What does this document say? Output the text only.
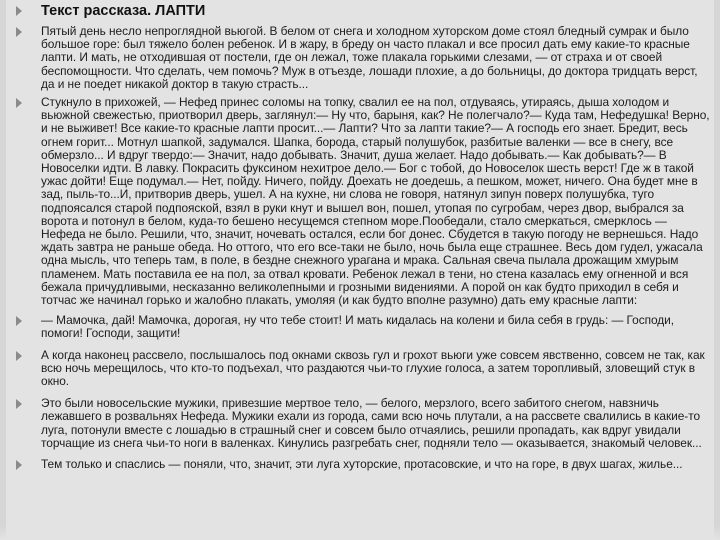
Текст рассказа. ЛАПТИ
Пятый день несло непроглядной вьюгой. В белом от снега и холодном хуторском доме стоял бледный сумрак и было большое горе: был тяжело болен ребенок. И в жару, в бреду он часто плакал и все просил дать ему какие-то красные лапти. И мать, не отходившая от постели, где он лежал, тоже плакала горькими слезами, — от страха и от своей беспомощности. Что сделать, чем помочь? Муж в отъезде, лошади плохие, а до больницы, до доктора тридцать верст, да и не поедет никакой доктор в такую страсть...
Стукнуло в прихожей, — Нефед принес соломы на топку, свалил ее на пол, отдуваясь, утираясь, дыша холодом и вьюжной свежестью, приотворил дверь, заглянул:— Ну что, барыня, как? Не полегчало?— Куда там, Нефедушка! Верно, и не выживет! Все какие-то красные лапти просит...— Лапти? Что за лапти такие?— А господь его знает. Бредит, весь огнем горит... Мотнул шапкой, задумался. Шапка, борода, старый полушубок, разбитые валенки — все в снегу, все обмерзло... И вдруг твердо:— Значит, надо добывать. Значит, душа желает. Надо добывать.— Как добывать?— В Новоселки идти. В лавку. Покрасить фуксином нехитрое дело.— Бог с тобой, до Новоселок шесть верст! Где ж в такой ужас дойти! Еще подумал.— Нет, пойду. Ничего, пойду. Доехать не доедешь, а пешком, может, ничего. Она будет мне в зад, пыль-то...И, притворив дверь, ушел. А на кухне, ни слова не говоря, натянул зипун поверх полушубка, туго подпоясался старой подпояской, взял в руки кнут и вышел вон, пошел, утопая по сугробам, через двор, выбрался за ворота и потонул в белом, куда-то бешено несущемся степном море.Пообедали, стало смеркаться, смерклось — Нефеда не было. Решили, что, значит, ночевать остался, если бог донес. Сбудется в такую погоду не вернешься. Надо ждать завтра не раньше обеда. Но оттого, что его все-таки не было, ночь была еще страшнее. Весь дом гудел, ужасала одна мысль, что теперь там, в поле, в бездне снежного урагана и мрака. Сальная свеча пылала дрожащим хмурым пламенем. Мать поставила ее на пол, за отвал кровати. Ребенок лежал в тени, но стена казалась ему огненной и вся бежала причудливыми, несказанно великолепными и грозными видениями. А порой он как будто приходил в себя и тотчас же начинал горько и жалобно плакать, умоляя (и как будто вполне разумно) дать ему красные лапти:
— Мамочка, дай! Мамочка, дорогая, ну что тебе стоит! И мать кидалась на колени и била себя в грудь: — Господи, помоги! Господи, защити!
А когда наконец рассвело, послышалось под окнами сквозь гул и грохот вьюги уже совсем явственно, совсем не так, как всю ночь мерещилось, что кто-то подъехал, что раздаются чьи-то глухие голоса, а затем торопливый, зловещий стук в окно.
Это были новосельские мужики, привезшие мертвое тело, — белого, мерзлого, всего забитого снегом, навзничь лежавшего в розвальнях Нефеда. Мужики ехали из города, сами всю ночь плутали, а на рассвете свалились в какие-то луга, потонули вместе с лошадью в страшный снег и совсем было отчаялись, решили пропадать, как вдруг увидали торчащие из снега чьи-то ноги в валенках. Кинулись разгребать снег, подняли тело — оказывается, знакомый человек...
Тем только и спаслись — поняли, что, значит, эти луга хуторские, протасовские, и что на горе, в двух шагах, жилье...
